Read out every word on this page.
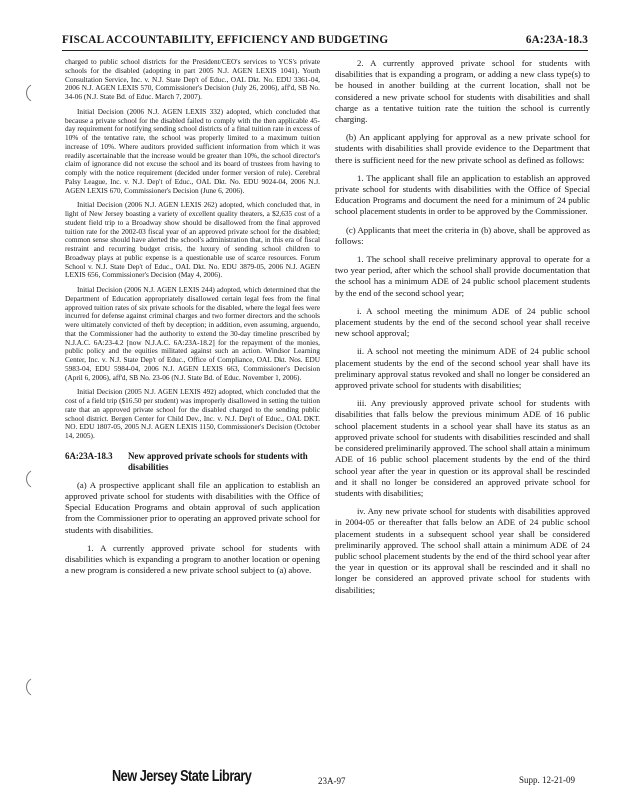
FISCAL ACCOUNTABILITY, EFFICIENCY AND BUDGETING	6A:23A-18.3

charged to public school districts for the President/CEO's services to YCS's private schools for the disabled (adopting in part 2005 N.J. AGEN LEXIS 1041). Youth Consultation Service, Inc. v. N.J. State Dep't of Educ., OAL Dkt. No. EDU 3361-04, 2006 N.J. AGEN LEXIS 570, Commissioner's Decision (July 26, 2006), aff'd, SB No. 34-06 (N.J. State Bd. of Educ. March 7, 2007).

Initial Decision (2006 N.J. AGEN LEXIS 332) adopted, which concluded that because a private school for the disabled failed to comply with the then applicable 45-day requirement for notifying sending school districts of a final tuition rate in excess of 10% of the tentative rate, the school was properly limited to a maximum tuition increase of 10%. Where auditors provided sufficient information from which it was readily ascertainable that the increase would be greater than 10%, the school director's claim of ignorance did not excuse the school and its board of trustees from having to comply with the notice requirement (decided under former version of rule). Cerebral Palsy League, Inc. v. N.J. Dep't of Educ., OAL Dkt. No. EDU 9024-04, 2006 N.J. AGEN LEXIS 670, Commissioner's Decision (June 6, 2006).

Initial Decision (2006 N.J. AGEN LEXIS 262) adopted, which concluded that, in light of New Jersey boasting a variety of excellent quality theaters, a $2,635 cost of a student field trip to a Broadway show should be disallowed from the final approved tuition rate for the 2002-03 fiscal year of an approved private school for the disabled; common sense should have alerted the school's administration that, in this era of fiscal restraint and recurring budget crisis, the luxury of sending school children to Broadway plays at public expense is a questionable use of scarce resources. Forum School v. N.J. State Dep't of Educ., OAL Dkt. No. EDU 3879-05, 2006 N.J. AGEN LEXIS 656, Commissioner's Decision (May 4, 2006).

Initial Decision (2006 N.J. AGEN LEXIS 244) adopted, which determined that the Department of Education appropriately disallowed certain legal fees from the final approved tuition rates of six private schools for the disabled, where the legal fees were incurred for defense against criminal charges and two former directors and the schools were ultimately convicted of theft by deception; in addition, even assuming, arguendo, that the Commissioner had the authority to extend the 30-day timeline prescribed by N.J.A.C. 6A:23-4.2 [now N.J.A.C. 6A:23A-18.2] for the repayment of the monies, public policy and the equities militated against such an action. Windsor Learning Center, Inc. v. N.J. State Dep't of Educ., Office of Compliance, OAL Dkt. Nos. EDU 5983-04, EDU 5984-04, 2006 N.J. AGEN LEXIS 663, Commissioner's Decision (April 6, 2006), aff'd, SB No. 23-06 (N.J. State Bd. of Educ. November 1, 2006).

Initial Decision (2005 N.J. AGEN LEXIS 492) adopted, which concluded that the cost of a field trip ($16.50 per student) was improperly disallowed in setting the tuition rate that an approved private school for the disabled charged to the sending public school district. Bergen Center for Child Dev., Inc. v. N.J. Dep't of Educ., OAL DKT. NO. EDU 1807-05, 2005 N.J. AGEN LEXIS 1150, Commissioner's Decision (October 14, 2005).

6A:23A-18.3	New approved private schools for students with disabilities

(a) A prospective applicant shall file an application to establish an approved private school for students with disabilities with the Office of Special Education Programs and obtain approval of such application from the Commissioner prior to operating an approved private school for students with disabilities.

1. A currently approved private school for students with disabilities which is expanding a program to another location or opening a new program is considered a new private school subject to (a) above.

2. A currently approved private school for students with disabilities that is expanding a program, or adding a new class type(s) to be housed in another building at the current location, shall not be considered a new private school for students with disabilities and shall charge as a tentative tuition rate the tuition the school is currently charging.

(b) An applicant applying for approval as a new private school for students with disabilities shall provide evidence to the Department that there is sufficient need for the new private school as defined as follows:

1. The applicant shall file an application to establish an approved private school for students with disabilities with the Office of Special Education Programs and document the need for a minimum of 24 public school placement students in order to be approved by the Commissioner.

(c) Applicants that meet the criteria in (b) above, shall be approved as follows:

1. The school shall receive preliminary approval to operate for a two year period, after which the school shall provide documentation that the school has a minimum ADE of 24 public school placement students by the end of the second school year;

i. A school meeting the minimum ADE of 24 public school placement students by the end of the second school year shall receive new school approval;

ii. A school not meeting the minimum ADE of 24 public school placement students by the end of the second school year shall have its preliminary approval status revoked and shall no longer be considered an approved private school for students with disabilities;

iii. Any previously approved private school for students with disabilities that falls below the previous minimum ADE of 16 public school placement students in a school year shall have its status as an approved private school for students with disabilities rescinded and shall be considered preliminarily approved. The school shall attain a minimum ADE of 16 public school placement students by the end of the third school year after the year in question or its approval shall be rescinded and it shall no longer be considered an approved private school for students with disabilities;

iv. Any new private school for students with disabilities approved in 2004-05 or thereafter that falls below an ADE of 24 public school placement students in a subsequent school year shall be considered preliminarily approved. The school shall attain a minimum ADE of 24 public school placement students by the end of the third school year after the year in question or its approval shall be rescinded and it shall no longer be considered an approved private school for students with disabilities;

New Jersey State Library	23A-97	Supp. 12-21-09
